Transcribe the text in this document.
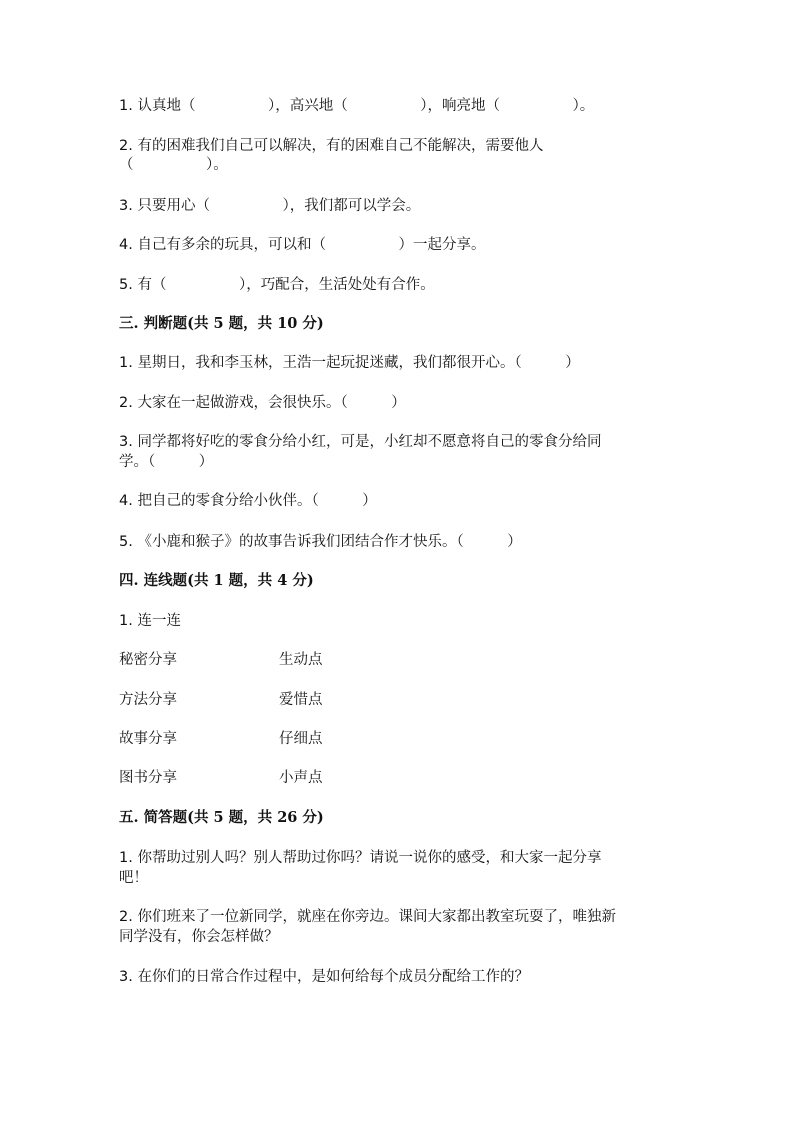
1. 认真地（　　　　　），高兴地（　　　　　），响亮地（　　　　　）。
2. 有的困难我们自己可以解决，有的困难自己不能解决，需要他人
（　　　　　）。
3. 只要用心（　　　　　），我们都可以学会。
4. 自己有多余的玩具，可以和（　　　　　）一起分享。
5. 有（　　　　　），巧配合，生活处处有合作。
三. 判断题(共 5 题，共 10 分)
1. 星期日，我和李玉林，王浩一起玩捉迷藏，我们都很开心。（　　　）
2. 大家在一起做游戏，会很快乐。（　　　）
3. 同学都将好吃的零食分给小红，可是，小红却不愿意将自己的零食分给同
学。（　　　）
4. 把自己的零食分给小伙伴。（　　　）
5. 《小鹿和猴子》的故事告诉我们团结合作才快乐。（　　　）
四. 连线题(共 1 题，共 4 分)
1. 连一连
秘密分享	生动点
方法分享	爱惜点
故事分享	仔细点
图书分享	小声点
五. 简答题(共 5 题，共 26 分)
1. 你帮助过别人吗？别人帮助过你吗？请说一说你的感受，和大家一起分享
吧！
2. 你们班来了一位新同学，就座在你旁边。课间大家都出教室玩耍了，唯独新
同学没有，你会怎样做？
3. 在你们的日常合作过程中，是如何给每个成员分配给工作的？
